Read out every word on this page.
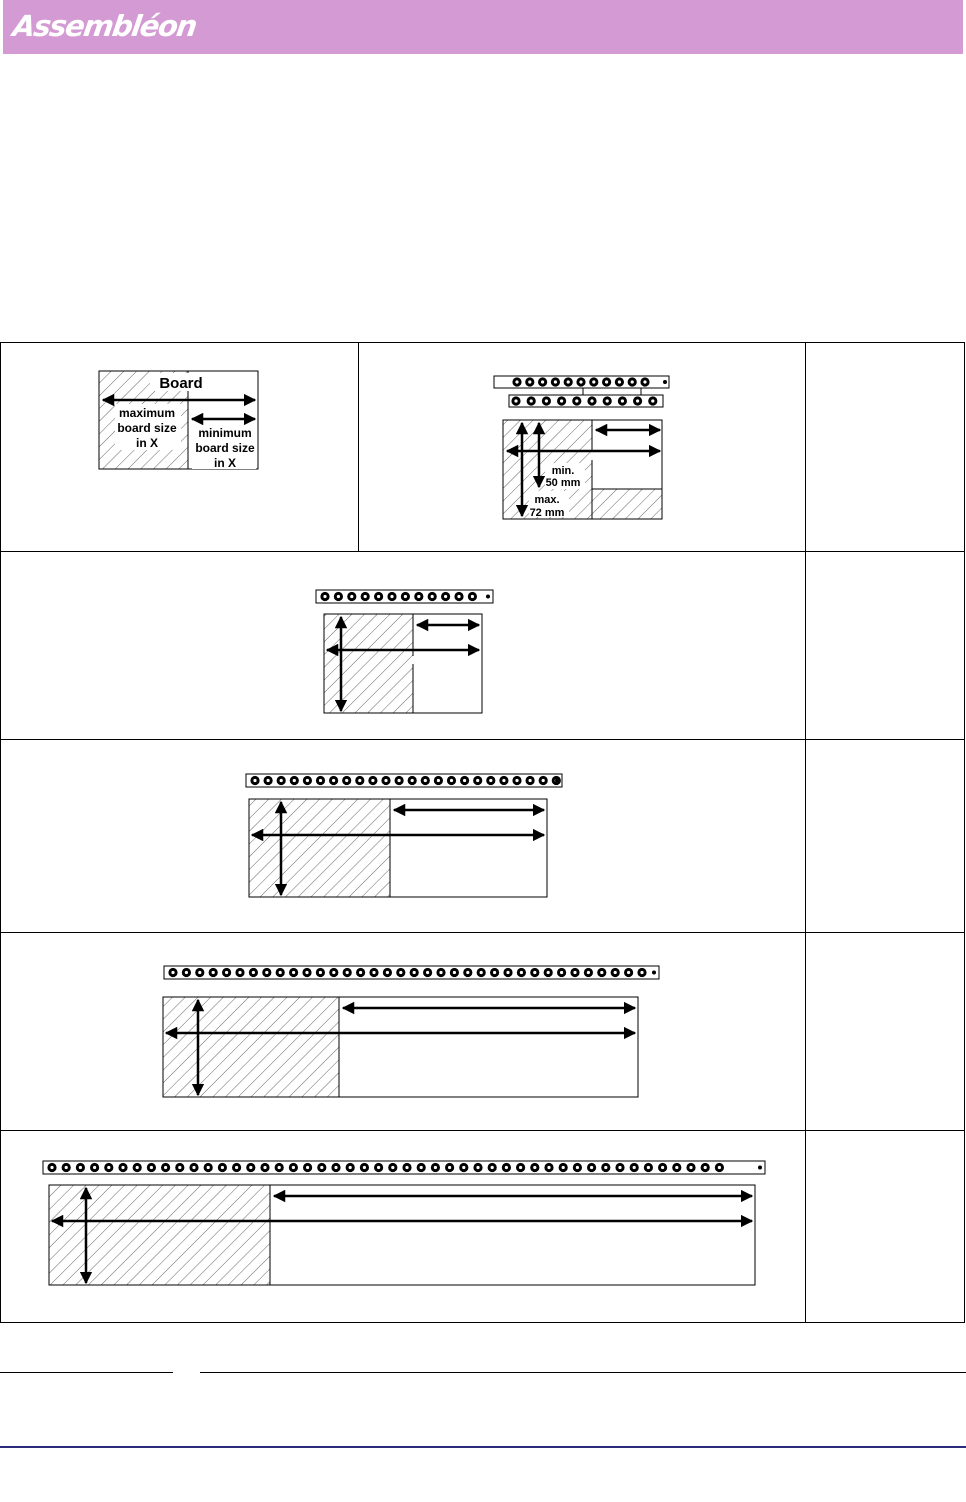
Assembléon
Board
maximum
board size
in X
minimum
board size
in X
min.
50 mm
max.
72 mm
